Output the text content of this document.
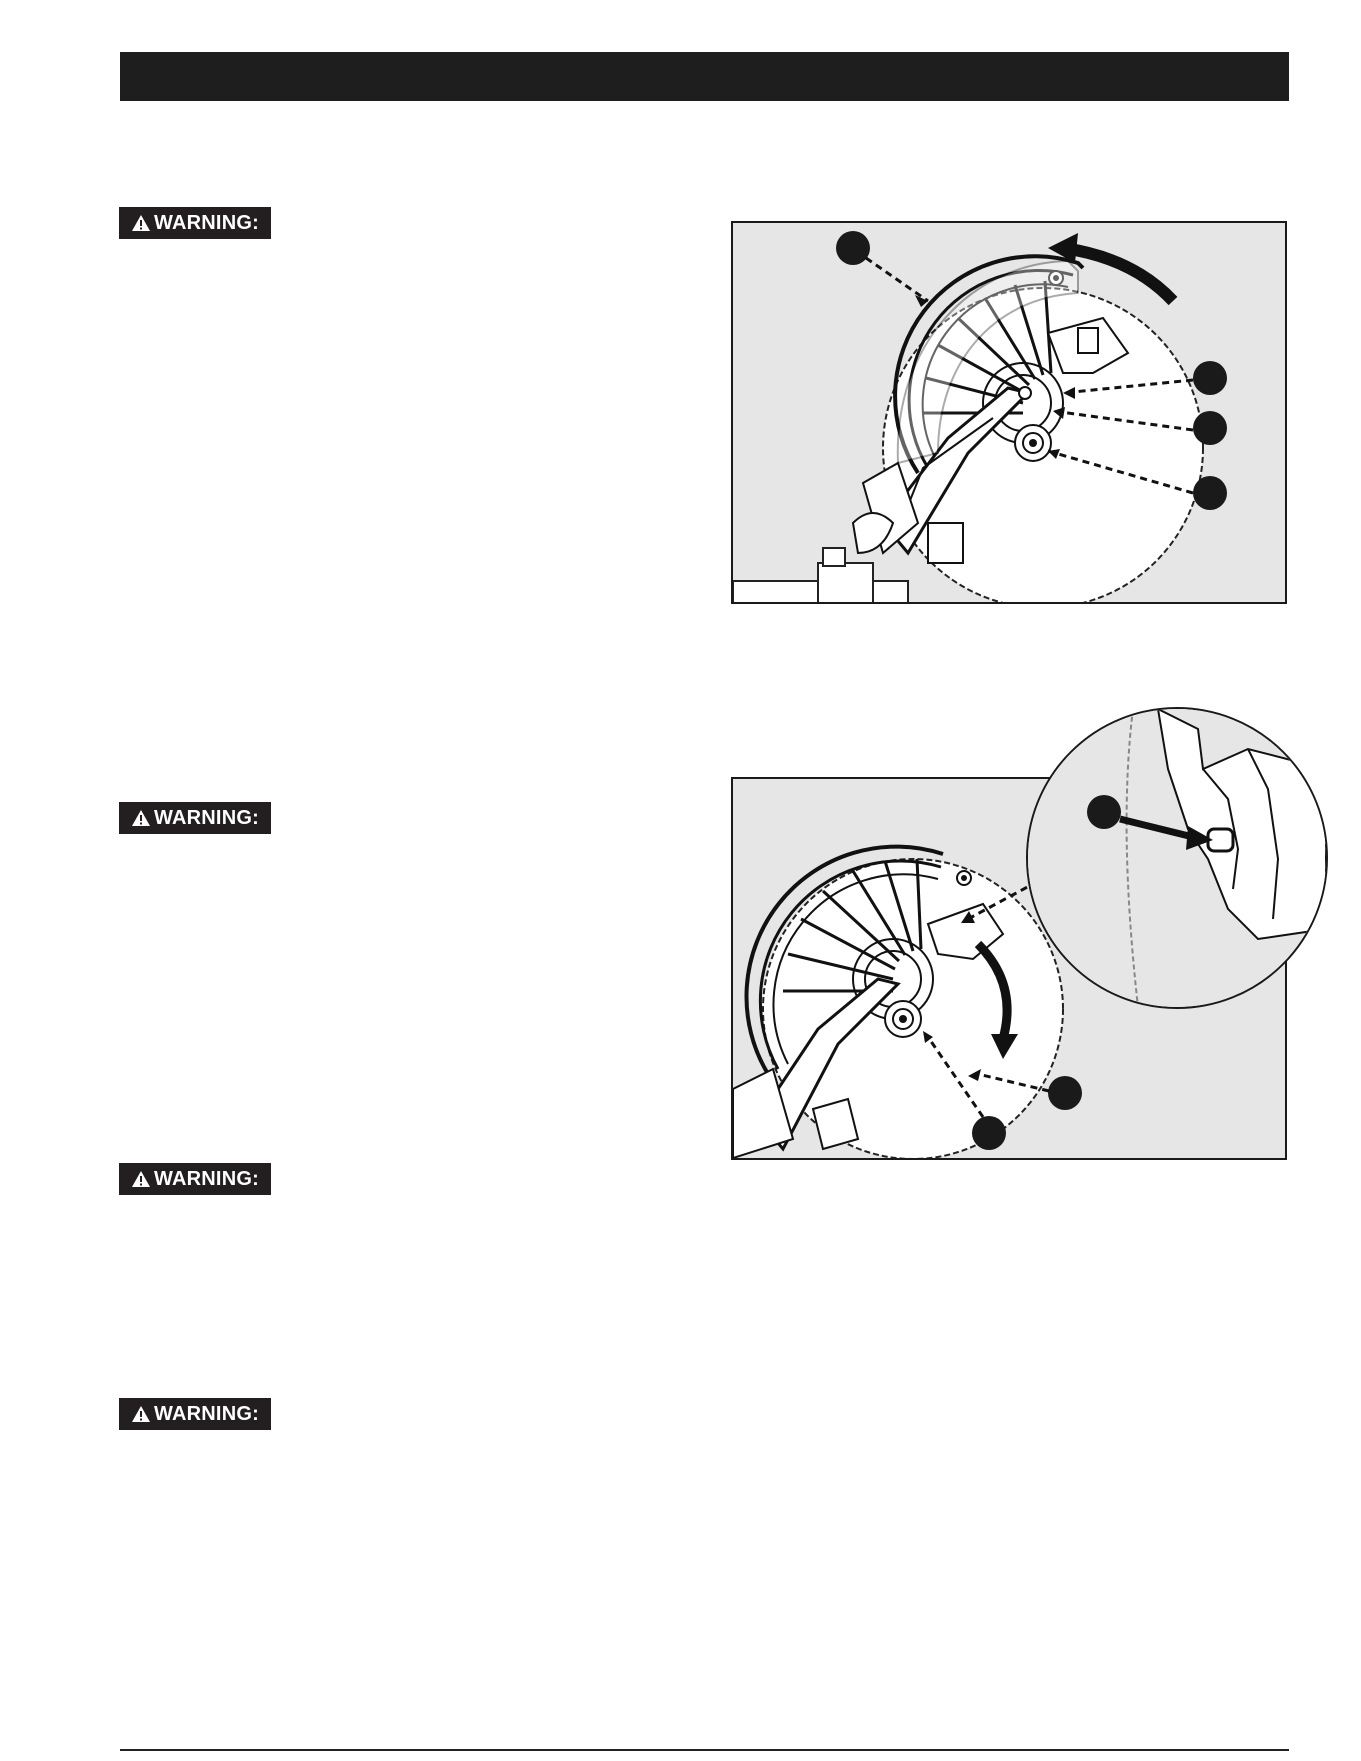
WARNING:
WARNING:
WARNING:
WARNING:
